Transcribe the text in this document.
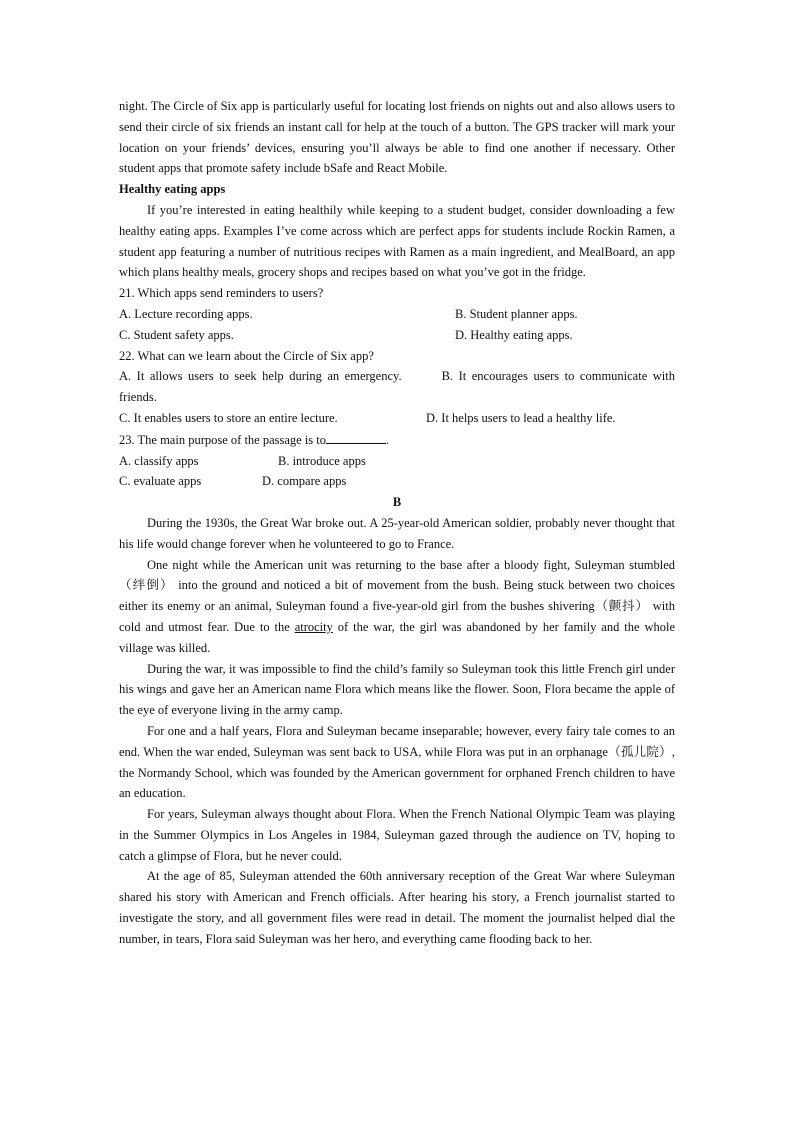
night. The Circle of Six app is particularly useful for locating lost friends on nights out and also allows users to send their circle of six friends an instant call for help at the touch of a button. The GPS tracker will mark your location on your friends’ devices, ensuring you’ll always be able to find one another if necessary. Other student apps that promote safety include bSafe and React Mobile.

Healthy eating apps

If you’re interested in eating healthily while keeping to a student budget, consider downloading a few healthy eating apps. Examples I’ve come across which are perfect apps for students include Rockin Ramen, a student app featuring a number of nutritious recipes with Ramen as a main ingredient, and MealBoard, an app which plans healthy meals, grocery shops and recipes based on what you’ve got in the fridge.

21. Which apps send reminders to users?

A. Lecture recording apps.	B. Student planner apps.
C. Student safety apps.	D. Healthy eating apps.

22. What can we learn about the Circle of Six app?

A. It allows users to seek help during an emergency.	B. It encourages users to communicate with friends.

C. It enables users to store an entire lecture.	D. It helps users to lead a healthy life.

23. The main purpose of the passage is to	.

A. classify apps	B. introduce apps
C. evaluate apps	D. compare apps

B

During the 1930s, the Great War broke out. A 25-year-old American soldier, probably never thought that his life would change forever when he volunteered to go to France.

One night while the American unit was returning to the base after a bloody fight, Suleyman stumbled（绊倒） into the ground and noticed a bit of movement from the bush. Being stuck between two choices either its enemy or an animal, Suleyman found a five-year-old girl from the bushes shivering（颤抖） with cold and utmost fear. Due to the atrocity of the war, the girl was abandoned by her family and the whole village was killed.

During the war, it was impossible to find the child’s family so Suleyman took this little French girl under his wings and gave her an American name Flora which means like the flower. Soon, Flora became the apple of the eye of everyone living in the army camp.

For one and a half years, Flora and Suleyman became inseparable; however, every fairy tale comes to an end. When the war ended, Suleyman was sent back to USA, while Flora was put in an orphanage（孤儿院）, the Normandy School, which was founded by the American government for orphaned French children to have an education.

For years, Suleyman always thought about Flora. When the French National Olympic Team was playing in the Summer Olympics in Los Angeles in 1984, Suleyman gazed through the audience on TV, hoping to catch a glimpse of Flora, but he never could.

At the age of 85, Suleyman attended the 60th anniversary reception of the Great War where Suleyman shared his story with American and French officials. After hearing his story, a French journalist started to investigate the story, and all government files were read in detail. The moment the journalist helped dial the number, in tears, Flora said Suleyman was her hero, and everything came flooding back to her.
